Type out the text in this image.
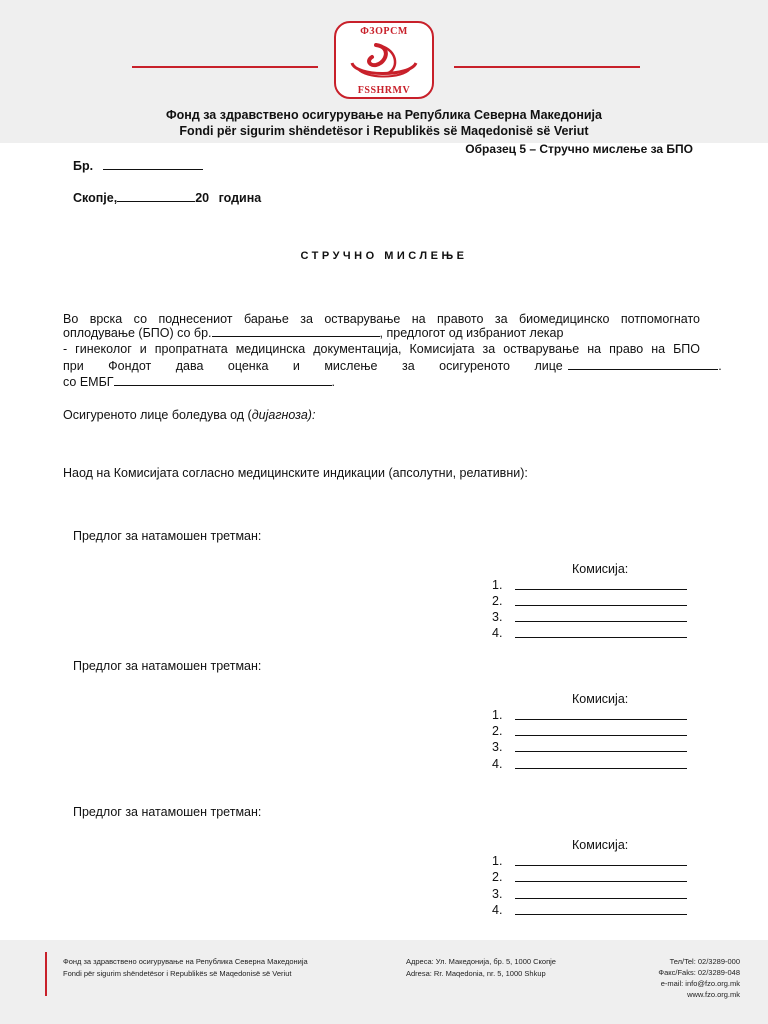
ФЗОРСМ
FSSHRMV
Фонд за здравствено осигурување на Република Северна Македонија
Fondi për sigurim shëndetësor i Republikës së Maqedonisë së Veriut
Образец 5 – Стручно мислење за БПО
Бр.
Скопје,	20 година
СТРУЧНО МИСЛЕЊЕ
Во врска со поднесениот барање за остварување на правото за биомедицинско потпомогнато
оплодување (БПО) со бр.	, предлогот од избраниот лекар
- гинеколог и пропратната медицинска документација, Комисијата за остварување на право на БПО
при Фондот дава оценка и мислење за осигуреното лице	.
со ЕМБГ	.
Осигуреното лице боледува од (дијагноза):
Наод на Комисијата согласно медицинските индикации (апсолутни, релативни):
Предлог за натамошен третман:
Комисија:
1.
2.
3.
4.
Предлог за натамошен третман:
Комисија:
1.
2.
3.
4.
Предлог за натамошен третман:
Комисија:
1.
2.
3.
4.
Фонд за здравствено осигурување на Република Северна Македонија
Fondi për sigurim shëndetësor i Republikës së Maqedonisë së Veriut
Адреса: Ул. Македонија, бр. 5, 1000 Скопје
Adresa: Rr. Maqedonia, nr. 5, 1000 Shkup
Тел/Tel: 02/3289-000
Факс/Faks: 02/3289-048
e-mail: info@fzo.org.mk
www.fzo.org.mk
